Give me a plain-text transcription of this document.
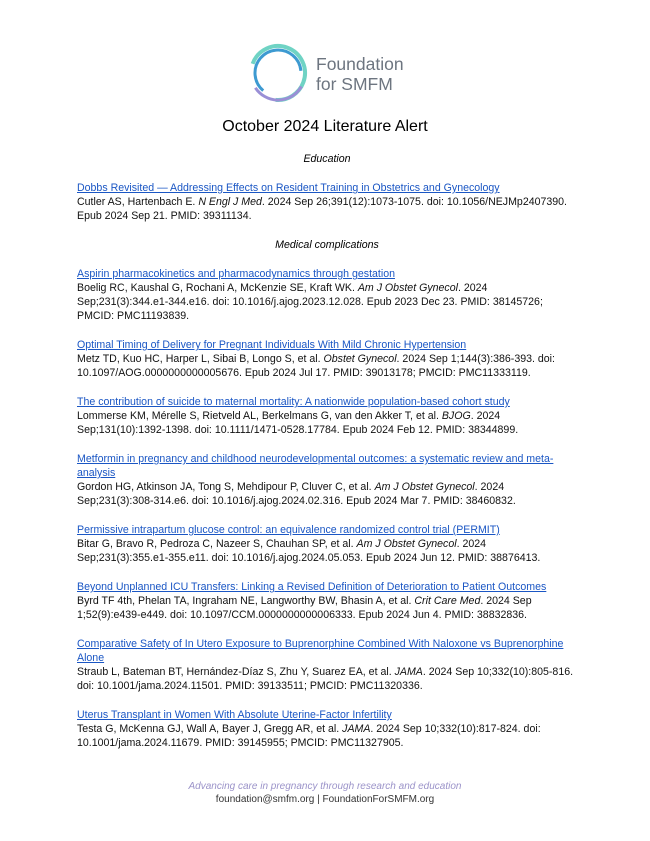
Foundation
for SMFM
October 2024 Literature Alert
Education
Dobbs Revisited — Addressing Effects on Resident Training in Obstetrics and Gynecology

Cutler AS, Hartenbach E. N Engl J Med. 2024 Sep 26;391(12):1073-1075. doi: 10.1056/NEJMp2407390. Epub 2024 Sep 21. PMID: 39311134.

Medical complications
Aspirin pharmacokinetics and pharmacodynamics through gestation

Boelig RC, Kaushal G, Rochani A, McKenzie SE, Kraft WK. Am J Obstet Gynecol. 2024 Sep;231(3):344.e1-344.e16. doi: 10.1016/j.ajog.2023.12.028. Epub 2023 Dec 23. PMID: 38145726; PMCID: PMC11193839.

Optimal Timing of Delivery for Pregnant Individuals With Mild Chronic Hypertension

Metz TD, Kuo HC, Harper L, Sibai B, Longo S, et al. Obstet Gynecol. 2024 Sep 1;144(3):386-393. doi: 10.1097/AOG.0000000000005676. Epub 2024 Jul 17. PMID: 39013178; PMCID: PMC11333119.

The contribution of suicide to maternal mortality: A nationwide population-based cohort study

Lommerse KM, Mérelle S, Rietveld AL, Berkelmans G, van den Akker T, et al. BJOG. 2024 Sep;131(10):1392-1398. doi: 10.1111/1471-0528.17784. Epub 2024 Feb 12. PMID: 38344899.

Metformin in pregnancy and childhood neurodevelopmental outcomes: a systematic review and meta-analysis

Gordon HG, Atkinson JA, Tong S, Mehdipour P, Cluver C, et al. Am J Obstet Gynecol. 2024 Sep;231(3):308-314.e6. doi: 10.1016/j.ajog.2024.02.316. Epub 2024 Mar 7. PMID: 38460832.

Permissive intrapartum glucose control: an equivalence randomized control trial (PERMIT)

Bitar G, Bravo R, Pedroza C, Nazeer S, Chauhan SP, et al. Am J Obstet Gynecol. 2024 Sep;231(3):355.e1-355.e11. doi: 10.1016/j.ajog.2024.05.053. Epub 2024 Jun 12. PMID: 38876413.

Beyond Unplanned ICU Transfers: Linking a Revised Definition of Deterioration to Patient Outcomes

Byrd TF 4th, Phelan TA, Ingraham NE, Langworthy BW, Bhasin A, et al. Crit Care Med. 2024 Sep 1;52(9):e439-e449. doi: 10.1097/CCM.0000000000006333. Epub 2024 Jun 4. PMID: 38832836.

Comparative Safety of In Utero Exposure to Buprenorphine Combined With Naloxone vs Buprenorphine Alone

Straub L, Bateman BT, Hernández-Díaz S, Zhu Y, Suarez EA, et al. JAMA. 2024 Sep 10;332(10):805-816. doi: 10.1001/jama.2024.11501. PMID: 39133511; PMCID: PMC11320336.

Uterus Transplant in Women With Absolute Uterine-Factor Infertility

Testa G, McKenna GJ, Wall A, Bayer J, Gregg AR, et al. JAMA. 2024 Sep 10;332(10):817-824. doi: 10.1001/jama.2024.11679. PMID: 39145955; PMCID: PMC11327905.

Advancing care in pregnancy through research and education
foundation@smfm.org | FoundationForSMFM.org
